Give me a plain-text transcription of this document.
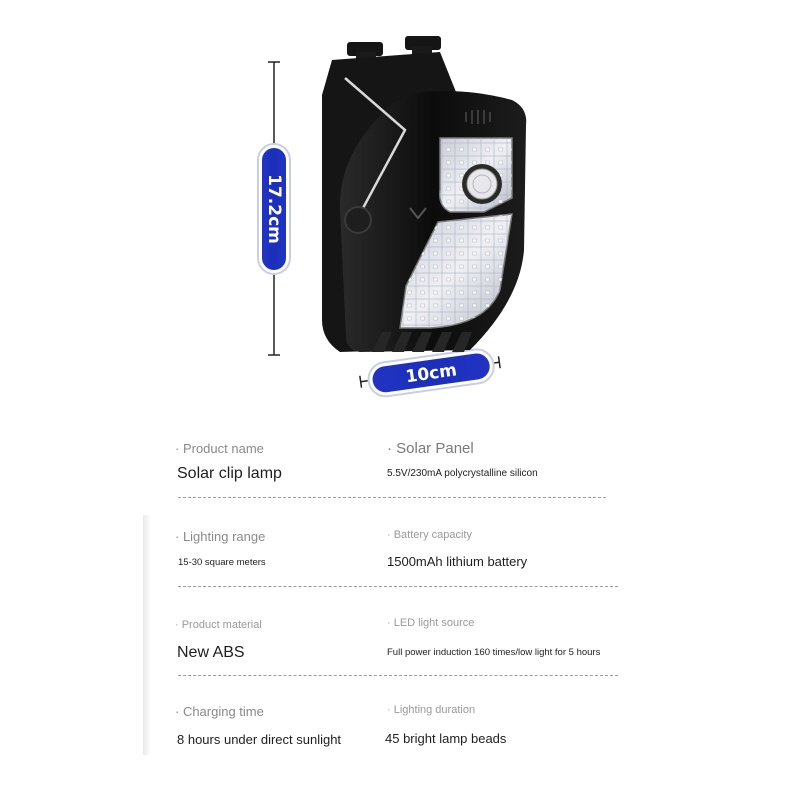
17.2cm
10cm
· Product name
Solar clip lamp
· Solar Panel
5.5V/230mA polycrystalline silicon
· Lighting range
15-30 square meters
· Battery capacity
1500mAh lithium battery
· Product material
New ABS
· LED light source
Full power induction 160 times/low light for 5 hours
· Charging time
8 hours under direct sunlight
· Lighting duration
45 bright lamp beads
